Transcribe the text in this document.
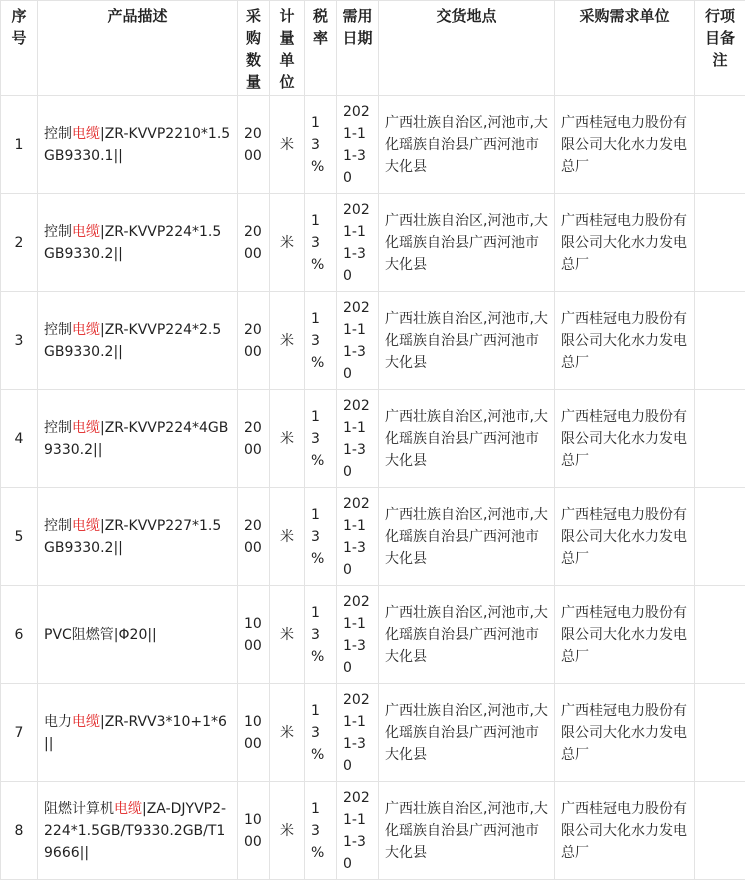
序号	产品描述	采购数量	计量单位	税率	需用日期	交货地点	采购需求单位	行项目备注
1	控制电缆|ZR-KVVP2210*1.5GB9330.1||	2000	米	13%	2021-11-30	广西壮族自治区,河池市,大化瑶族自治县广西河池市大化县	广西桂冠电力股份有限公司大化水力发电总厂	
2	控制电缆|ZR-KVVP224*1.5GB9330.2||	2000	米	13%	2021-11-30	广西壮族自治区,河池市,大化瑶族自治县广西河池市大化县	广西桂冠电力股份有限公司大化水力发电总厂	
3	控制电缆|ZR-KVVP224*2.5GB9330.2||	2000	米	13%	2021-11-30	广西壮族自治区,河池市,大化瑶族自治县广西河池市大化县	广西桂冠电力股份有限公司大化水力发电总厂	
4	控制电缆|ZR-KVVP224*4GB9330.2||	2000	米	13%	2021-11-30	广西壮族自治区,河池市,大化瑶族自治县广西河池市大化县	广西桂冠电力股份有限公司大化水力发电总厂	
5	控制电缆|ZR-KVVP227*1.5GB9330.2||	2000	米	13%	2021-11-30	广西壮族自治区,河池市,大化瑶族自治县广西河池市大化县	广西桂冠电力股份有限公司大化水力发电总厂	
6	PVC阻燃管|Φ20||	1000	米	13%	2021-11-30	广西壮族自治区,河池市,大化瑶族自治县广西河池市大化县	广西桂冠电力股份有限公司大化水力发电总厂	
7	电力电缆|ZR-RVV3*10+1*6||	1000	米	13%	2021-11-30	广西壮族自治区,河池市,大化瑶族自治县广西河池市大化县	广西桂冠电力股份有限公司大化水力发电总厂	
8	阻燃计算机电缆|ZA-DJYVP2-224*1.5GB/T9330.2GB/T19666||	1000	米	13%	2021-11-30	广西壮族自治区,河池市,大化瑶族自治县广西河池市大化县	广西桂冠电力股份有限公司大化水力发电总厂	
